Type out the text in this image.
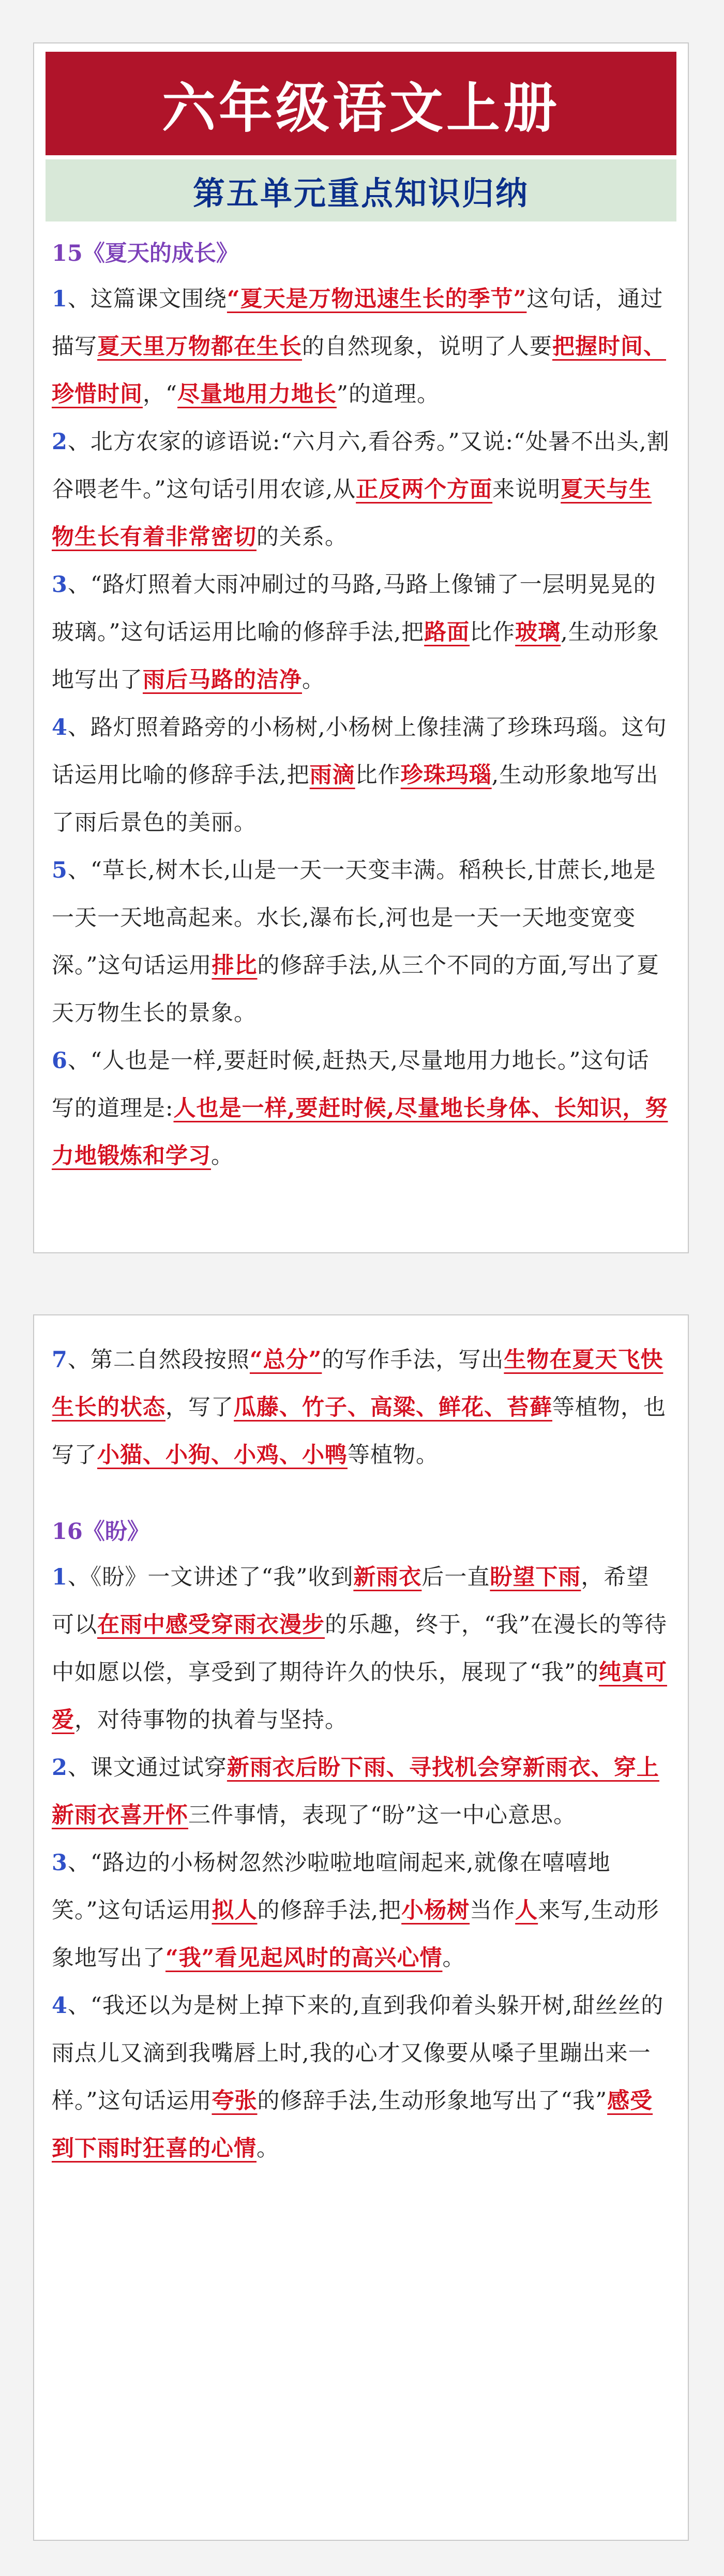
六年级语文上册
第五单元重点知识归纳
15《夏天的成长》
1、这篇课文围绕“夏天是万物迅速生长的季节”这句话，通过描写夏天里万物都在生长的自然现象，说明了人要把握时间、珍惜时间，“尽量地用力地长”的道理。
2、北方农家的谚语说:“六月六,看谷秀。”又说:“处暑不出头,割谷喂老牛。”这句话引用农谚,从正反两个方面来说明夏天与生物生长有着非常密切的关系。
3、“路灯照着大雨冲刷过的马路,马路上像铺了一层明晃晃的玻璃。”这句话运用比喻的修辞手法,把路面比作玻璃,生动形象地写出了雨后马路的洁净。
4、路灯照着路旁的小杨树,小杨树上像挂满了珍珠玛瑙。这句话运用比喻的修辞手法,把雨滴比作珍珠玛瑙,生动形象地写出了雨后景色的美丽。
5、“草长,树木长,山是一天一天变丰满。稻秧长,甘蔗长,地是一天一天地高起来。水长,瀑布长,河也是一天一天地变宽变深。”这句话运用排比的修辞手法,从三个不同的方面,写出了夏天万物生长的景象。
6、“人也是一样,要赶时候,赶热天,尽量地用力地长。”这句话写的道理是:人也是一样,要赶时候,尽量地长身体、长知识，努力地锻炼和学习。
7、第二自然段按照“总分”的写作手法，写出生物在夏天飞快生长的状态，写了瓜藤、竹子、高粱、鲜花、苔藓等植物，也写了小猫、小狗、小鸡、小鸭等植物。
16《盼》
1、《盼》一文讲述了“我”收到新雨衣后一直盼望下雨，希望可以在雨中感受穿雨衣漫步的乐趣，终于，“我”在漫长的等待中如愿以偿，享受到了期待许久的快乐，展现了“我”的纯真可爱，对待事物的执着与坚持。
2、课文通过试穿新雨衣后盼下雨、寻找机会穿新雨衣、穿上新雨衣喜开怀三件事情，表现了“盼”这一中心意思。
3、“路边的小杨树忽然沙啦啦地喧闹起来,就像在嘻嘻地笑。”这句话运用拟人的修辞手法,把小杨树当作人来写,生动形象地写出了“我”看见起风时的高兴心情。
4、“我还以为是树上掉下来的,直到我仰着头躲开树,甜丝丝的雨点儿又滴到我嘴唇上时,我的心才又像要从嗓子里蹦出来一样。”这句话运用夸张的修辞手法,生动形象地写出了“我”感受到下雨时狂喜的心情。
